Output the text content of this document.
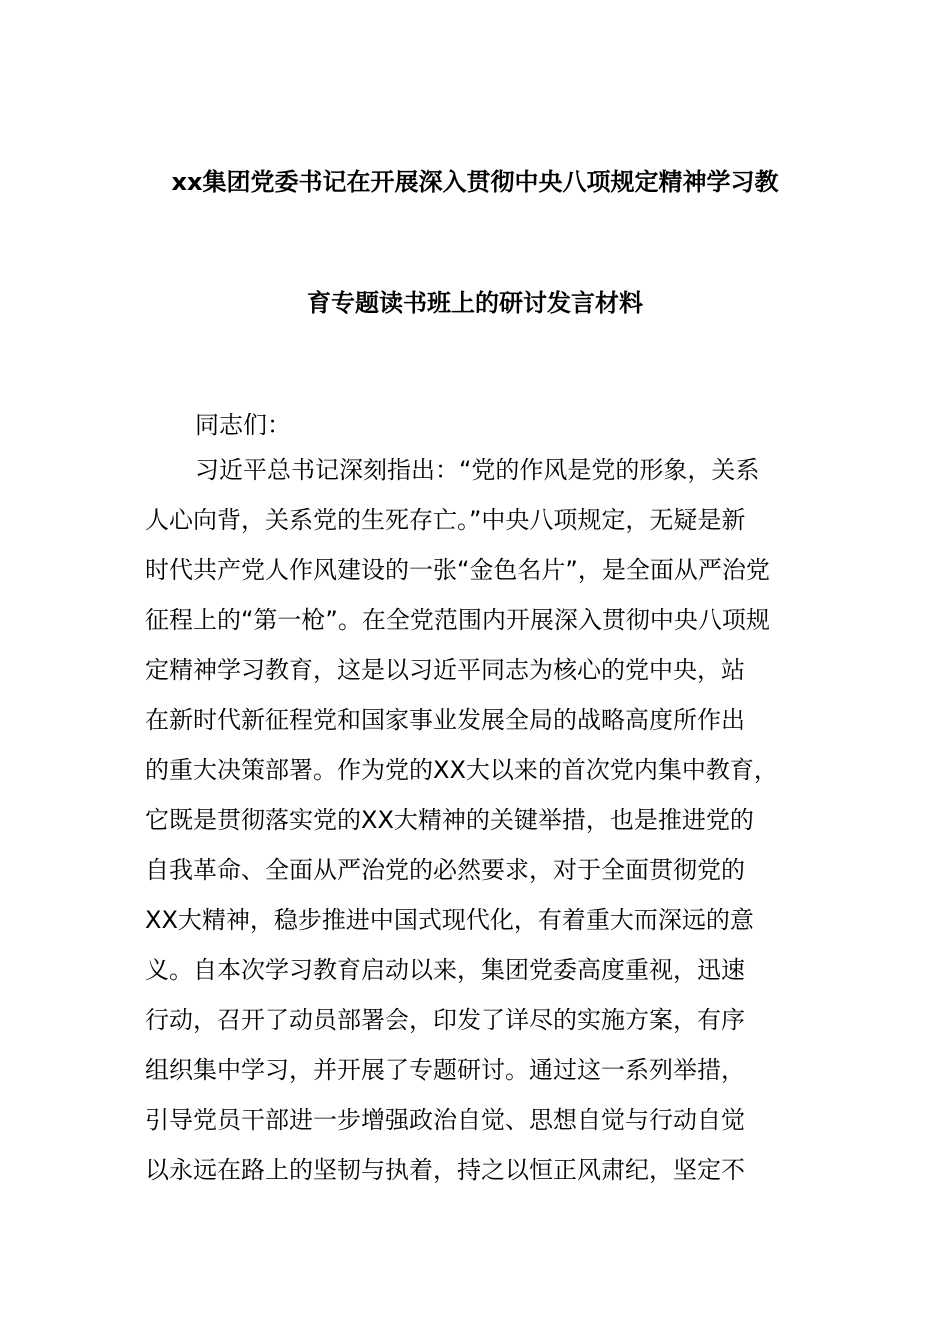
xx集团党委书记在开展深入贯彻中央八项规定精神学习教
育专题读书班上的研讨发言材料
同志们：
习近平总书记深刻指出：“党的作风是党的形象，关系
人心向背，关系党的生死存亡。”中央八项规定，无疑是新
时代共产党人作风建设的一张“金色名片”，是全面从严治党
征程上的“第一枪”。在全党范围内开展深入贯彻中央八项规
定精神学习教育，这是以习近平同志为核心的党中央，站
在新时代新征程党和国家事业发展全局的战略高度所作出
的重大决策部署。作为党的XX大以来的首次党内集中教育，
它既是贯彻落实党的XX大精神的关键举措，也是推进党的
自我革命、全面从严治党的必然要求，对于全面贯彻党的
XX大精神，稳步推进中国式现代化，有着重大而深远的意
义。自本次学习教育启动以来，集团党委高度重视，迅速
行动，召开了动员部署会，印发了详尽的实施方案，有序
组织集中学习，并开展了专题研讨。通过这一系列举措，
引导党员干部进一步增强政治自觉、思想自觉与行动自觉
以永远在路上的坚韧与执着，持之以恒正风肃纪，坚定不
